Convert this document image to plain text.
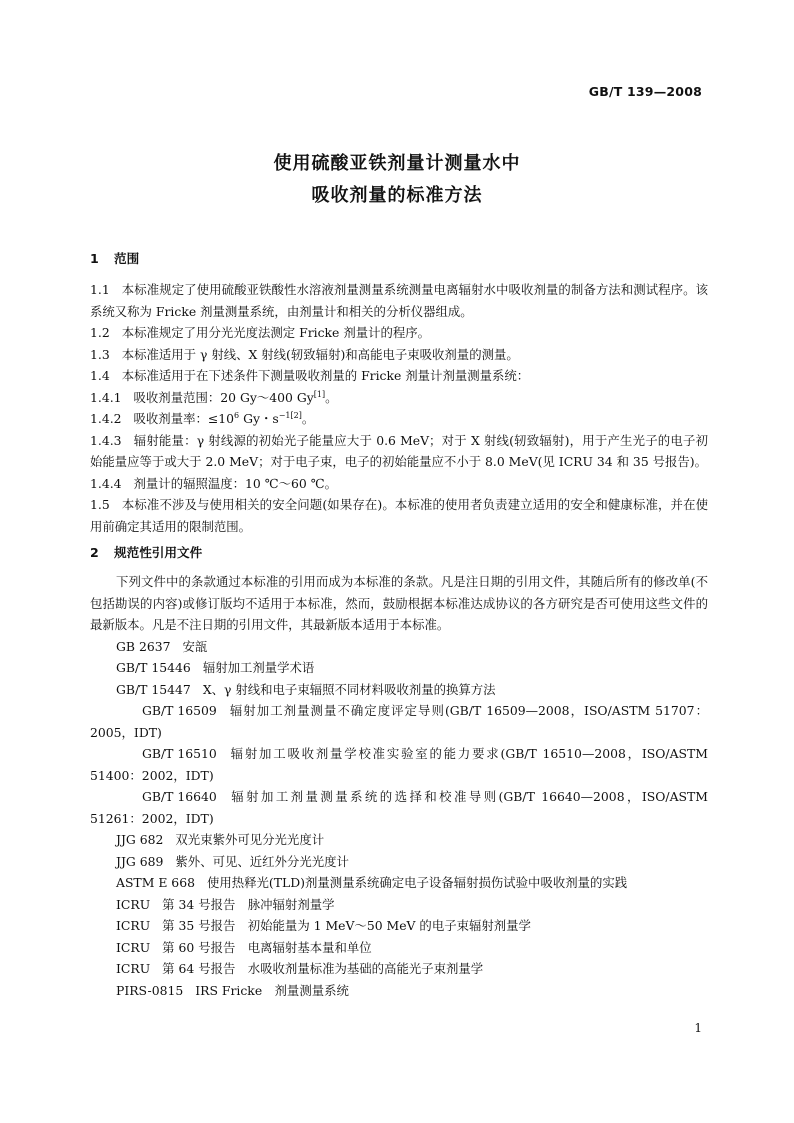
GB/T 139—2008
使用硫酸亚铁剂量计测量水中
吸收剂量的标准方法
1 范围

1.1 本标准规定了使用硫酸亚铁酸性水溶液剂量测量系统测量电离辐射水中吸收剂量的制备方法和测试程序。该系统又称为 Fricke 剂量测量系统，由剂量计和相关的分析仪器组成。

1.2 本标准规定了用分光光度法测定 Fricke 剂量计的程序。

1.3 本标准适用于 γ 射线、X 射线(轫致辐射)和高能电子束吸收剂量的测量。

1.4 本标准适用于在下述条件下测量吸收剂量的 Fricke 剂量计剂量测量系统：

1.4.1 吸收剂量范围：20 Gy～400 Gy[1]。

1.4.2 吸收剂量率：$\le 10^6$ Gy・$s^{-1[2]}$。

1.4.3 辐射能量：γ 射线源的初始光子能量应大于 0.6 MeV；对于 X 射线(轫致辐射)，用于产生光子的电子初始能量应等于或大于 2.0 MeV；对于电子束，电子的初始能量应不小于 8.0 MeV(见 ICRU 34 和 35 号报告)。

1.4.4 剂量计的辐照温度：10 ℃～60 ℃。

1.5 本标准不涉及与使用相关的安全问题(如果存在)。本标准的使用者负责建立适用的安全和健康标准，并在使用前确定其适用的限制范围。

2 规范性引用文件

下列文件中的条款通过本标准的引用而成为本标准的条款。凡是注日期的引用文件，其随后所有的修改单(不包括勘误的内容)或修订版均不适用于本标准，然而，鼓励根据本标准达成协议的各方研究是否可使用这些文件的最新版本。凡是不注日期的引用文件，其最新版本适用于本标准。

GB 2637 安瓿

GB/T 15446 辐射加工剂量学术语

GB/T 15447 X、γ 射线和电子束辐照不同材料吸收剂量的换算方法

GB/T 16509 辐射加工剂量测量不确定度评定导则(GB/T 16509—2008，ISO/ASTM 51707：2005，IDT)

GB/T 16510 辐射加工吸收剂量学校准实验室的能力要求(GB/T 16510—2008，ISO/ASTM 51400：2002，IDT)

GB/T 16640 辐射加工剂量测量系统的选择和校准导则(GB/T 16640—2008，ISO/ASTM 51261：2002，IDT)

JJG 682 双光束紫外可见分光光度计

JJG 689 紫外、可见、近红外分光光度计

ASTM E 668 使用热释光(TLD)剂量测量系统确定电子设备辐射损伤试验中吸收剂量的实践

ICRU 第 34 号报告　脉冲辐射剂量学

ICRU 第 35 号报告　初始能量为 1 MeV～50 MeV 的电子束辐射剂量学

ICRU 第 60 号报告　电离辐射基本量和单位

ICRU 第 64 号报告　水吸收剂量标准为基础的高能光子束剂量学

PIRS-0815 IRS Fricke　剂量测量系统

1
